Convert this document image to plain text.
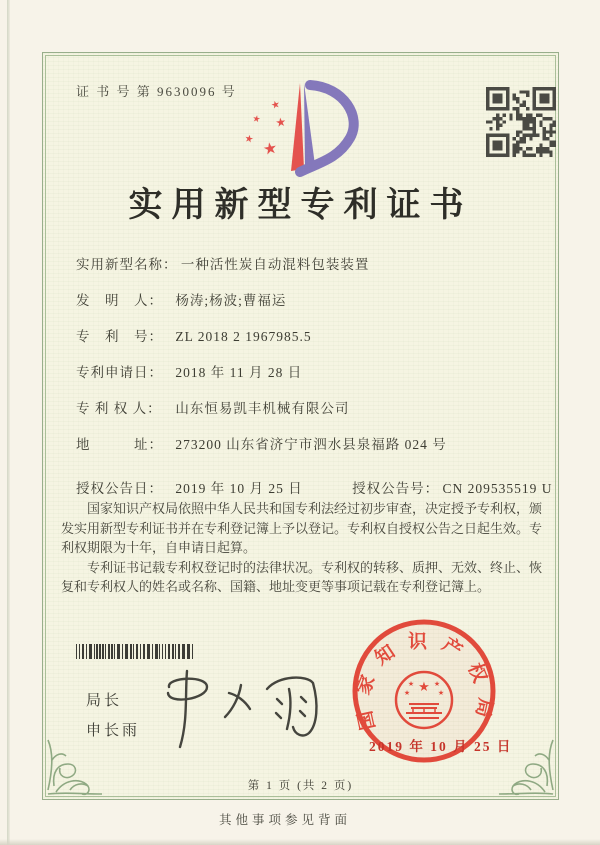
证 书 号 第 9630096 号
★
★ ★
★
★
实用新型专利证书
实用新型名称： 一种活性炭自动混料包装装置
发　明　人： 杨涛;杨波;曹福运
专　利　号： ZL 2018 2 1967985.5
专利申请日： 2018 年 11 月 28 日
专 利 权 人： 山东恒易凯丰机械有限公司
地　　　址： 273200 山东省济宁市泗水县泉福路 024 号
授权公告日： 2019 年 10 月 25 日	授权公告号： CN 209535519 U

国家知识产权局依照中华人民共和国专利法经过初步审查，决定授予专利权，颁发实用新型专利证书并在专利登记簿上予以登记。专利权自授权公告之日起生效。专利权期限为十年，自申请日起算。

专利证书记载专利权登记时的法律状况。专利权的转移、质押、无效、终止、恢复和专利权人的姓名或名称、国籍、地址变更等事项记载在专利登记簿上。

局长
申长雨	国家知识产权局
★
★	★
★	★
2019 年 10 月 25 日
第 1 页 (共 2 页)
其他事项参见背面
